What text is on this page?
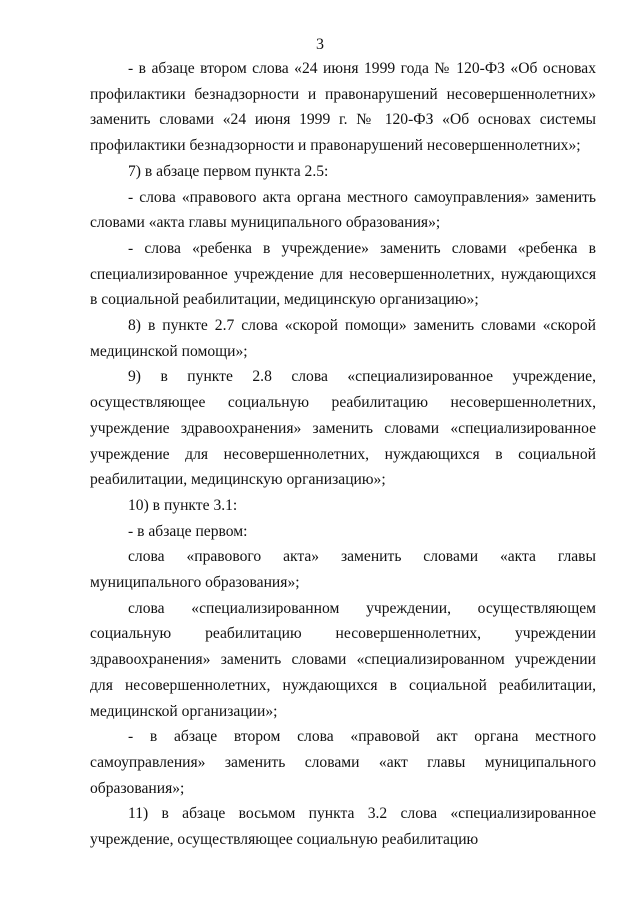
3

- в абзаце втором слова «24 июня 1999 года № 120-ФЗ «Об основах профилактики безнадзорности и правонарушений несовершеннолетних» заменить словами «24 июня 1999 г. № 120-ФЗ «Об основах системы профилактики безнадзорности и правонарушений несовершеннолетних»;

7) в абзаце первом пункта 2.5:

- слова «правового акта органа местного самоуправления» заменить словами «акта главы муниципального образования»;

- слова «ребенка в учреждение» заменить словами «ребенка в специализированное учреждение для несовершеннолетних, нуждающихся в социальной реабилитации, медицинскую организацию»;

8) в пункте 2.7 слова «скорой помощи» заменить словами «скорой медицинской помощи»;

9) в пункте 2.8 слова «специализированное учреждение, осуществляющее социальную реабилитацию несовершеннолетних, учреждение здравоохранения» заменить словами «специализированное учреждение для несовершеннолетних, нуждающихся в социальной реабилитации, медицинскую организацию»;

10) в пункте 3.1:

- в абзаце первом:

слова «правового акта» заменить словами «акта главы муниципального образования»;

слова «специализированном учреждении, осуществляющем социальную реабилитацию несовершеннолетних, учреждении здравоохранения» заменить словами «специализированном учреждении для несовершеннолетних, нуждающихся в социальной реабилитации, медицинской организации»;

- в абзаце втором слова «правовой акт органа местного самоуправления» заменить словами «акт главы муниципального образования»;

11) в абзаце восьмом пункта 3.2 слова «специализированное учреждение, осуществляющее социальную реабилитацию
